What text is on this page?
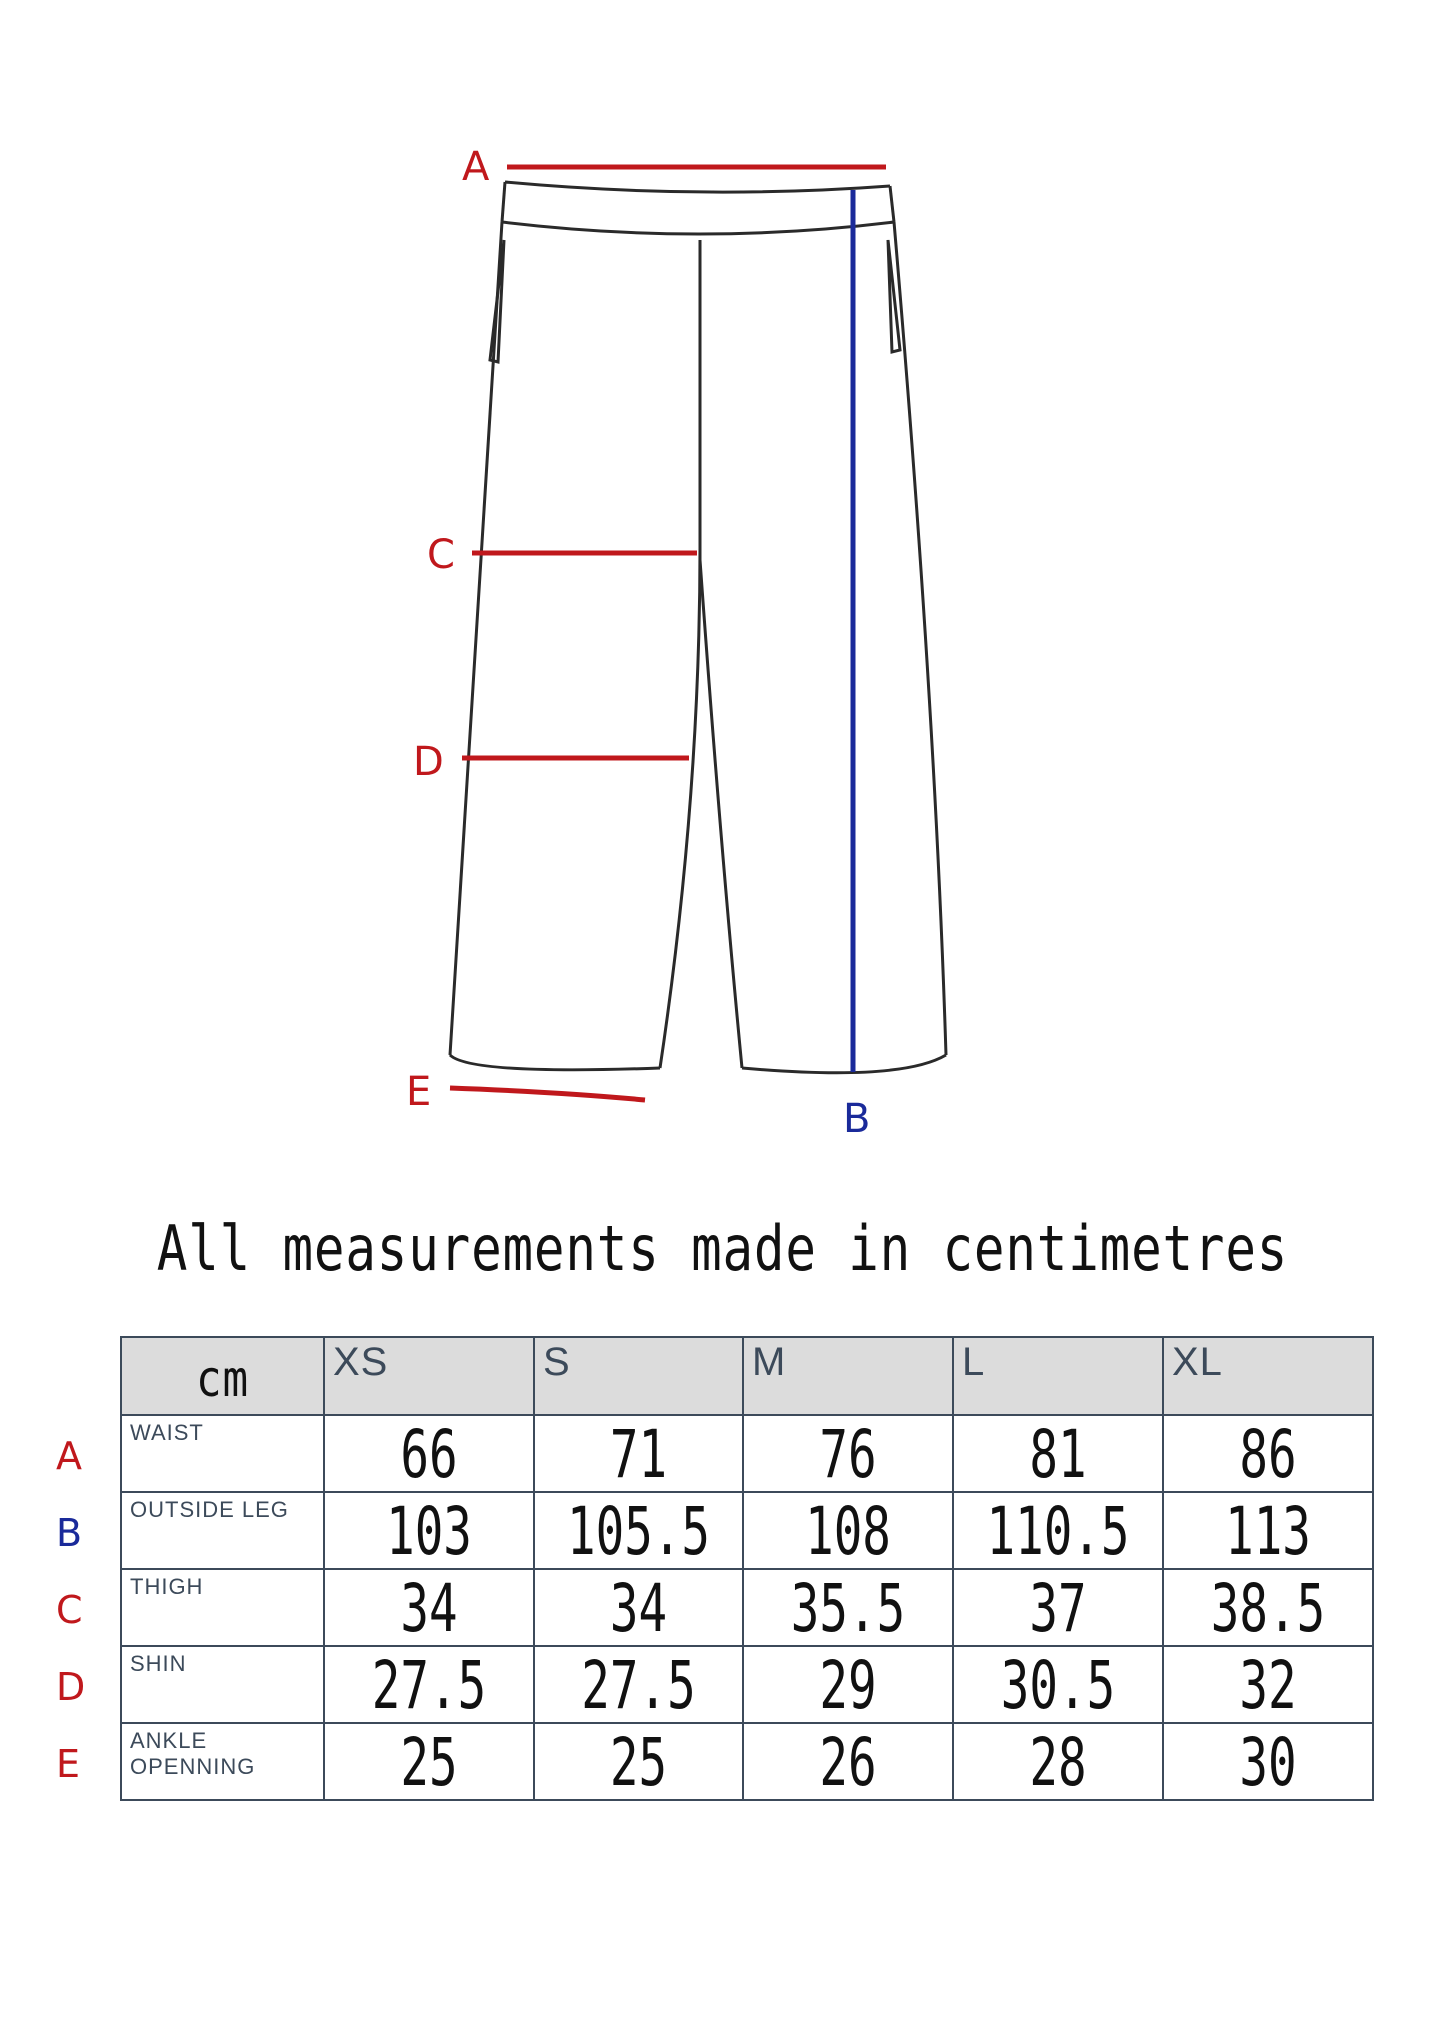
A
B
C
D
E
All measurements made in centimetres
cm	XS	S	M	L	XL

A
WAIST	66	71	76	81	86

B
OUTSIDE LEG	103	105.5	108	110.5	113

C
THIGH	34	34	35.5	37	38.5

D
SHIN	27.5	27.5	29	30.5	32

E
ANKLE OPENNING	25	25	26	28	30
